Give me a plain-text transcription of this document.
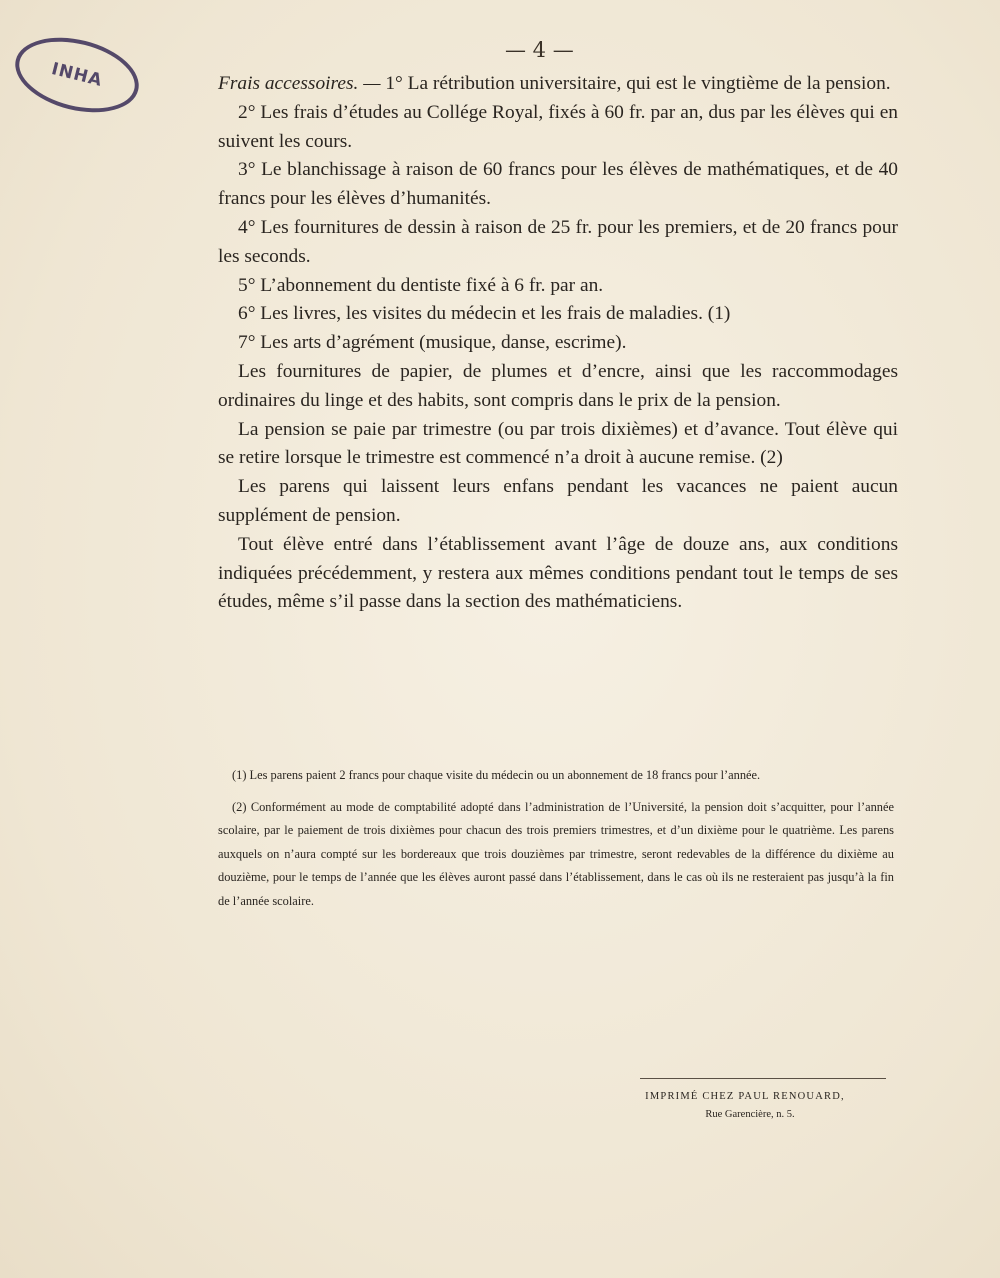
INHA
— 4 —

Frais accessoires. — 1° La rétribution universitaire, qui est le vingtième de la pension.

2° Les frais d’études au Collége Royal, fixés à 60 fr. par an, dus par les élèves qui en suivent les cours.

3° Le blanchissage à raison de 60 francs pour les élèves de mathématiques, et de 40 francs pour les élèves d’humanités.

4° Les fournitures de dessin à raison de 25 fr. pour les premiers, et de 20 francs pour les seconds.

5° L’abonnement du dentiste fixé à 6 fr. par an.

6° Les livres, les visites du médecin et les frais de maladies. (1)

7° Les arts d’agrément (musique, danse, escrime).

Les fournitures de papier, de plumes et d’encre, ainsi que les raccommodages ordinaires du linge et des habits, sont compris dans le prix de la pension.

La pension se paie par trimestre (ou par trois dixièmes) et d’avance. Tout élève qui se retire lorsque le trimestre est commencé n’a droit à aucune remise. (2)

Les parens qui laissent leurs enfans pendant les vacances ne paient aucun supplément de pension.

Tout élève entré dans l’établissement avant l’âge de douze ans, aux conditions indiquées précédemment, y restera aux mêmes conditions pendant tout le temps de ses études, même s’il passe dans la section des mathématiciens.

(1) Les parens paient 2 francs pour chaque visite du médecin ou un abonnement de 18 francs pour l’année.

(2) Conformément au mode de comptabilité adopté dans l’administration de l’Université, la pension doit s’acquitter, pour l’année scolaire, par le paiement de trois dixièmes pour chacun des trois premiers trimestres, et d’un dixième pour le quatrième. Les parens auxquels on n’aura compté sur les bordereaux que trois douzièmes par trimestre, seront redevables de la différence du dixième au douzième, pour le temps de l’année que les élèves auront passé dans l’établissement, dans le cas où ils ne resteraient pas jusqu’à la fin de l’année scolaire.

IMPRIMÉ CHEZ PAUL RENOUARD,
Rue Garencière, n. 5.
